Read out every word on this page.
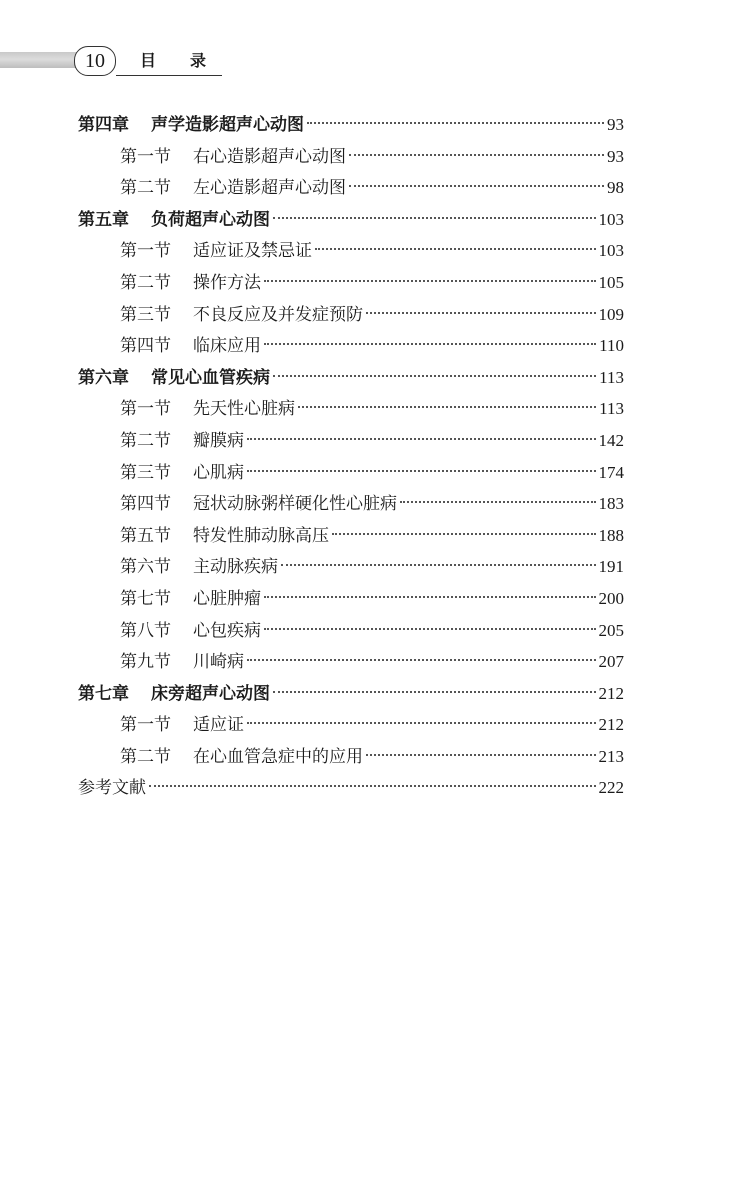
10	目录
第四章 声学造影超声心动图	93
第一节 右心造影超声心动图	93
第二节 左心造影超声心动图	98
第五章 负荷超声心动图	103
第一节 适应证及禁忌证	103
第二节 操作方法	105
第三节 不良反应及并发症预防	109
第四节 临床应用	110
第六章 常见心血管疾病	113
第一节 先天性心脏病	113
第二节 瓣膜病	142
第三节 心肌病	174
第四节 冠状动脉粥样硬化性心脏病	183
第五节 特发性肺动脉高压	188
第六节 主动脉疾病	191
第七节 心脏肿瘤	200
第八节 心包疾病	205
第九节 川崎病	207
第七章 床旁超声心动图	212
第一节 适应证	212
第二节 在心血管急症中的应用	213
参考文献	222
